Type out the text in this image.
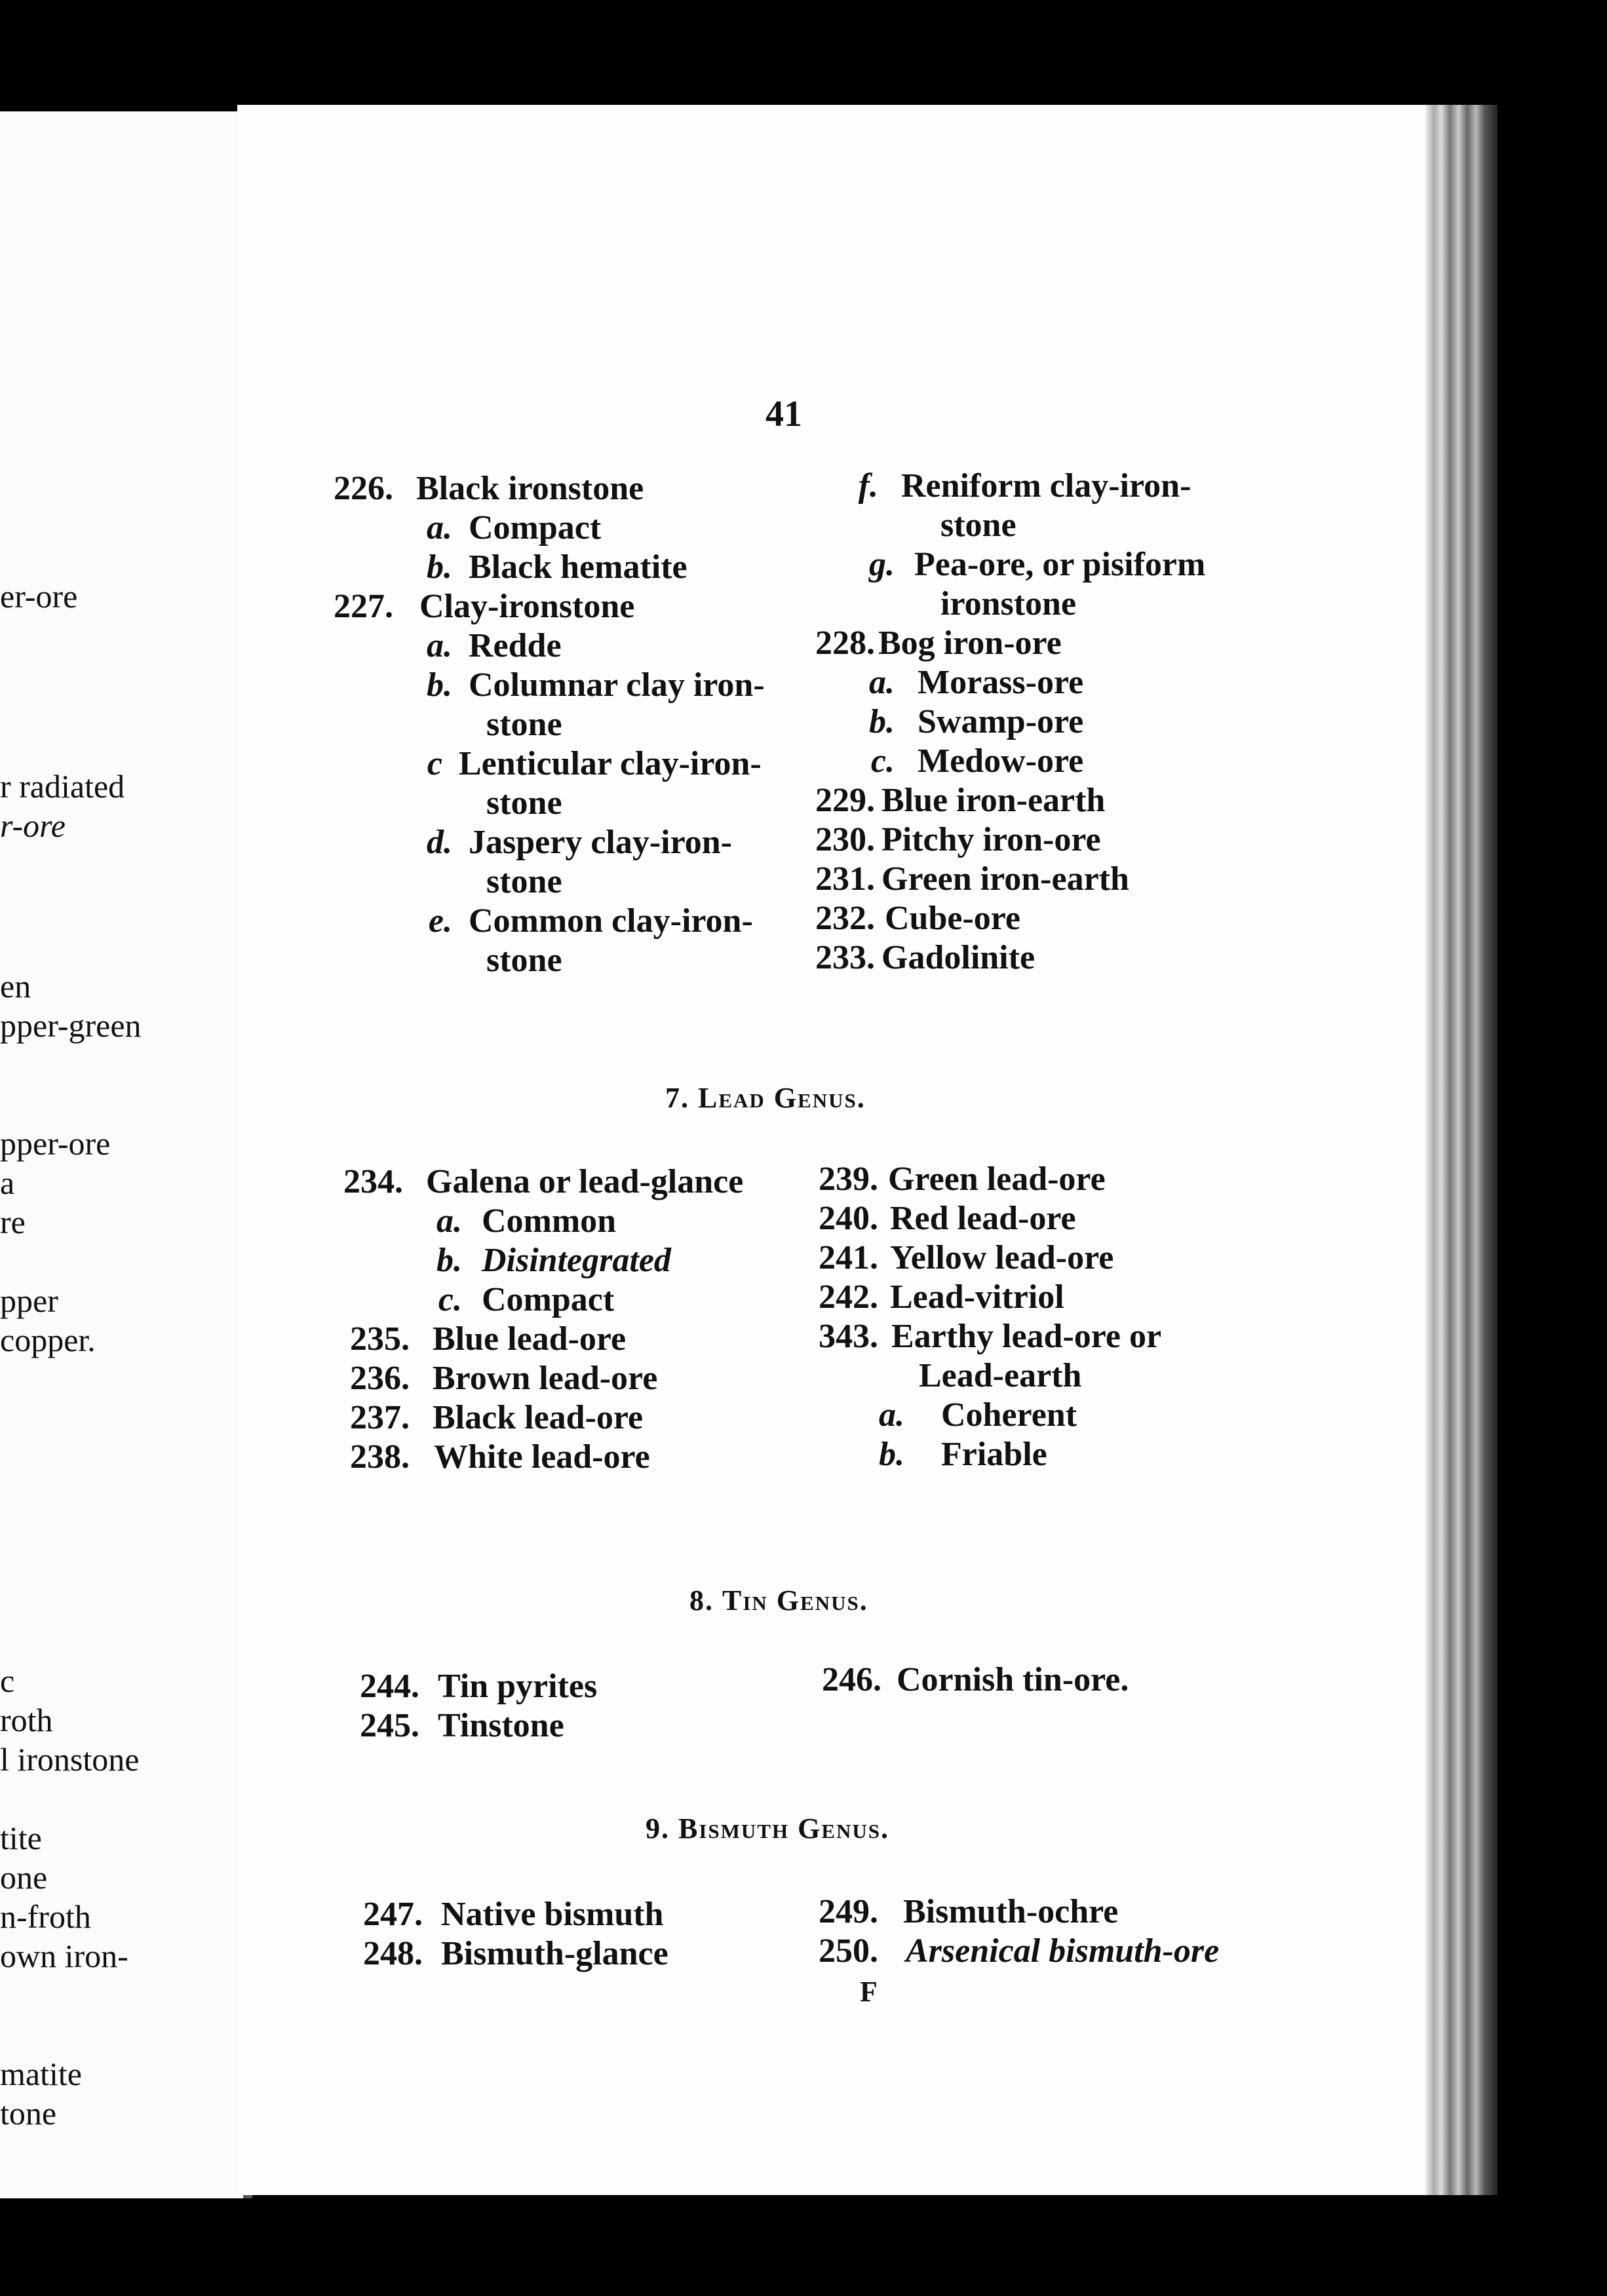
er-ore
r radiated
r-ore
en
pper-green
pper-ore
a
re
pper
copper.
c
roth
l ironstone
tite
one
n-froth
own iron-
matite
tone
41
226. Black ironstone
a. Compact
b. Black hematite
227. Clay-ironstone
a. Redde
b. Columnar clay iron-
stone
c Lenticular clay-iron-
stone
d. Jaspery clay-iron-
stone
e. Common clay-iron-
stone
f. Reniform clay-iron-
stone
g. Pea-ore, or pisiform
ironstone
228. Bog iron-ore
a. Morass-ore
b. Swamp-ore
c. Medow-ore
229. Blue iron-earth
230. Pitchy iron-ore
231. Green iron-earth
232. Cube-ore
233. Gadolinite
7. Lead Genus.
234. Galena or lead-glance
a. Common
b. Disintegrated
c. Compact
235. Blue lead-ore
236. Brown lead-ore
237. Black lead-ore
238. White lead-ore
239. Green lead-ore
240. Red lead-ore
241. Yellow lead-ore
242. Lead-vitriol
343. Earthy lead-ore or
Lead-earth
a. Coherent
b. Friable
8. Tin Genus.
244. Tin pyrites
245. Tinstone
246. Cornish tin-ore.
9. Bismuth Genus.
247. Native bismuth
248. Bismuth-glance
249. Bismuth-ochre
250. Arsenical bismuth-ore
F
